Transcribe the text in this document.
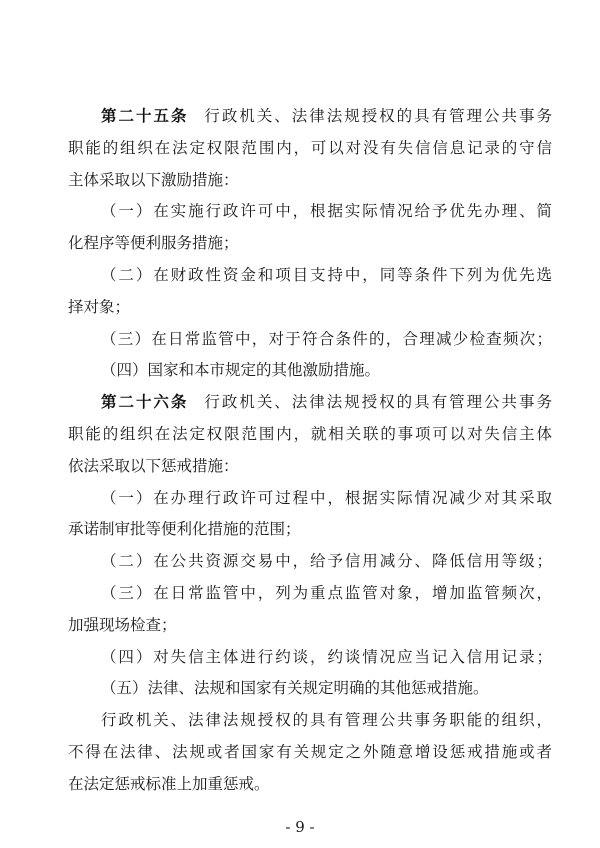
第二十五条 行政机关、法律法规授权的具有管理公共事务
职能的组织在法定权限范围内，可以对没有失信信息记录的守信
主体采取以下激励措施：
（一）在实施行政许可中，根据实际情况给予优先办理、简
化程序等便利服务措施；
（二）在财政性资金和项目支持中，同等条件下列为优先选
择对象；
（三）在日常监管中，对于符合条件的，合理减少检查频次；
（四）国家和本市规定的其他激励措施。
第二十六条 行政机关、法律法规授权的具有管理公共事务
职能的组织在法定权限范围内，就相关联的事项可以对失信主体
依法采取以下惩戒措施：
（一）在办理行政许可过程中，根据实际情况减少对其采取
承诺制审批等便利化措施的范围；
（二）在公共资源交易中，给予信用减分、降低信用等级；
（三）在日常监管中，列为重点监管对象，增加监管频次，
加强现场检查；
（四）对失信主体进行约谈，约谈情况应当记入信用记录；
（五）法律、法规和国家有关规定明确的其他惩戒措施。
行政机关、法律法规授权的具有管理公共事务职能的组织，
不得在法律、法规或者国家有关规定之外随意增设惩戒措施或者
在法定惩戒标准上加重惩戒。
- 9 -
